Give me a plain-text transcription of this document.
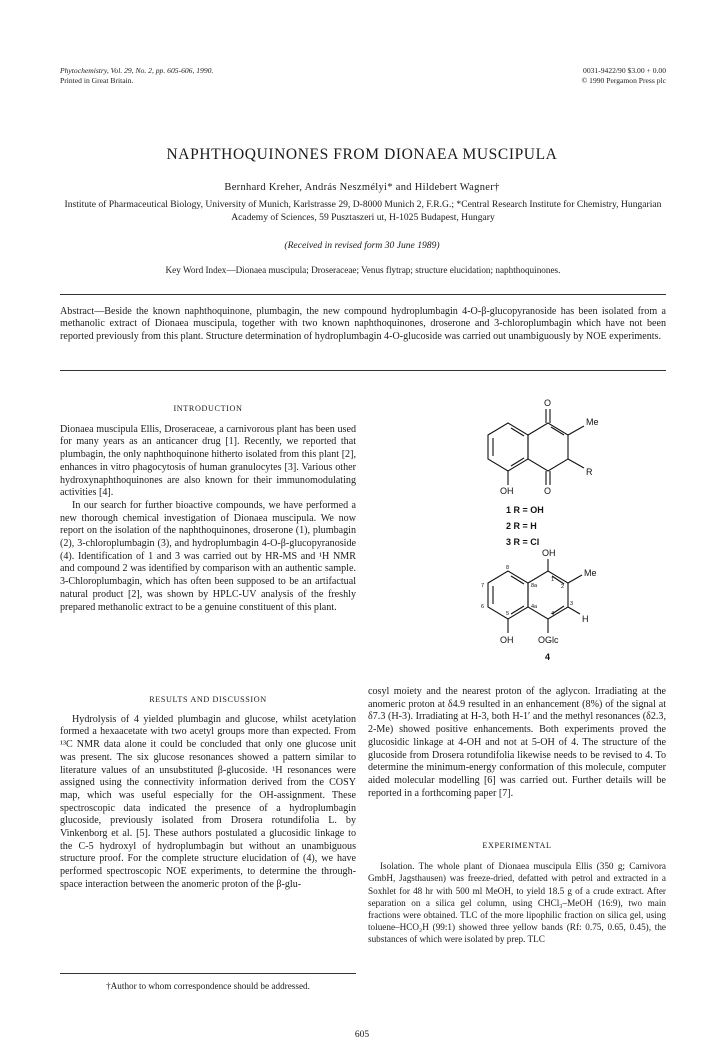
Phytochemistry, Vol. 29, No. 2, pp. 605-606, 1990.
Printed in Great Britain.
0031-9422/90 $3.00 + 0.00
© 1990 Pergamon Press plc
NAPHTHOQUINONES FROM DIONAEA MUSCIPULA
Bernhard Kreher, András Neszmélyi* and Hildebert Wagner†
Institute of Pharmaceutical Biology, University of Munich, Karlstrasse 29, D-8000 Munich 2, F.R.G.; *Central Research Institute for Chemistry, Hungarian Academy of Sciences, 59 Pusztaszeri ut, H-1025 Budapest, Hungary
(Received in revised form 30 June 1989)
Key Word Index—Dionaea muscipula; Droseraceae; Venus flytrap; structure elucidation; naphthoquinones.
Abstract—Beside the known naphthoquinone, plumbagin, the new compound hydroplumbagin 4-O-β-glucopyranoside has been isolated from a methanolic extract of Dionaea muscipula, together with two known naphthoquinones, droserone and 3-chloroplumbagin which have not been reported previously from this plant. Structure determination of hydroplumbagin 4-O-glucoside was carried out unambiguously by NOE experiments.
INTRODUCTION

Dionaea muscipula Ellis, Droseraceae, a carnivorous plant has been used for many years as an anticancer drug [1]. Recently, we reported that plumbagin, the only naphthoquinone hitherto isolated from this plant [2], enhances in vitro phagocytosis of human granulocytes [3]. Various other hydroxynaphthoquinones are also known for their immunomodulating activities [4].

In our search for further bioactive compounds, we have performed a new thorough chemical investigation of Dionaea muscipula. We now report on the isolation of the naphthoquinones, droserone (1), plumbagin (2), 3-chloroplumbagin (3), and hydroplumbagin 4-O-β-glucopyranoside (4). Identification of 1 and 3 was carried out by HR-MS and ¹H NMR and compound 2 was identified by comparison with an authentic sample. 3-Chloroplumbagin, which has often been supposed to be an artifactual natural product [2], was shown by HPLC-UV analysis of the freshly prepared methanolic extract to be a genuine constituent of this plant.

RESULTS AND DISCUSSION

Hydrolysis of 4 yielded plumbagin and glucose, whilst acetylation formed a hexaacetate with two acetyl groups more than expected. From ¹³C NMR data alone it could be concluded that only one glucose unit was present. The six glucose resonances showed a pattern similar to literature values of an unsubstituted β-glucoside. ¹H resonances were assigned using the connectivity information derived from the COSY map, which was useful especially for the OH-assignment. These spectroscopic data indicated the presence of a hydroplumbagin glucoside, previously isolated from Drosera rotundifolia L. by Vinkenborg et al. [5]. These authors postulated a glucosidic linkage to the C-5 hydroxyl of hydroplumbagin but without an unambiguous structure proof. For the complete structure elucidation of (4), we have performed spectroscopic NOE experiments, to determine the through-space interaction between the anomeric proton of the β-glu-

†Author to whom correspondence should be addressed.
O
Me
R
OH	O
1 R = OH
2 R = H
3 R = Cl
OH
Me
H
OH	OGlc
4
1
2
3
4
4a
5
6
7
8
8a

cosyl moiety and the nearest proton of the aglycon. Irradiating at the anomeric proton at δ4.9 resulted in an enhancement (8%) of the signal at δ7.3 (H-3). Irradiating at H-3, both H-1′ and the methyl resonances (δ2.3, 2-Me) showed positive enhancements. Both experiments proved the glucosidic linkage at 4-OH and not at 5-OH of 4. The structure of the glucoside from Drosera rotundifolia likewise needs to be revised to 4. To determine the minimum-energy conformation of this molecule, computer aided molecular modelling [6] was carried out. Further details will be reported in a forthcoming paper [7].

EXPERIMENTAL

Isolation. The whole plant of Dionaea muscipula Ellis (350 g; Carnivora GmbH, Jagsthausen) was freeze-dried, defatted with petrol and extracted in a Soxhlet for 48 hr with 500 ml MeOH, to yield 18.5 g of a crude extract. After separation on a silica gel column, using CHCl₃–MeOH (16:9), two main fractions were obtained. TLC of the more lipophilic fraction on silica gel, using toluene–HCO₂H (99:1) showed three yellow bands (Rf: 0.75, 0.65, 0.45), the substances of which were isolated by prep. TLC

605
